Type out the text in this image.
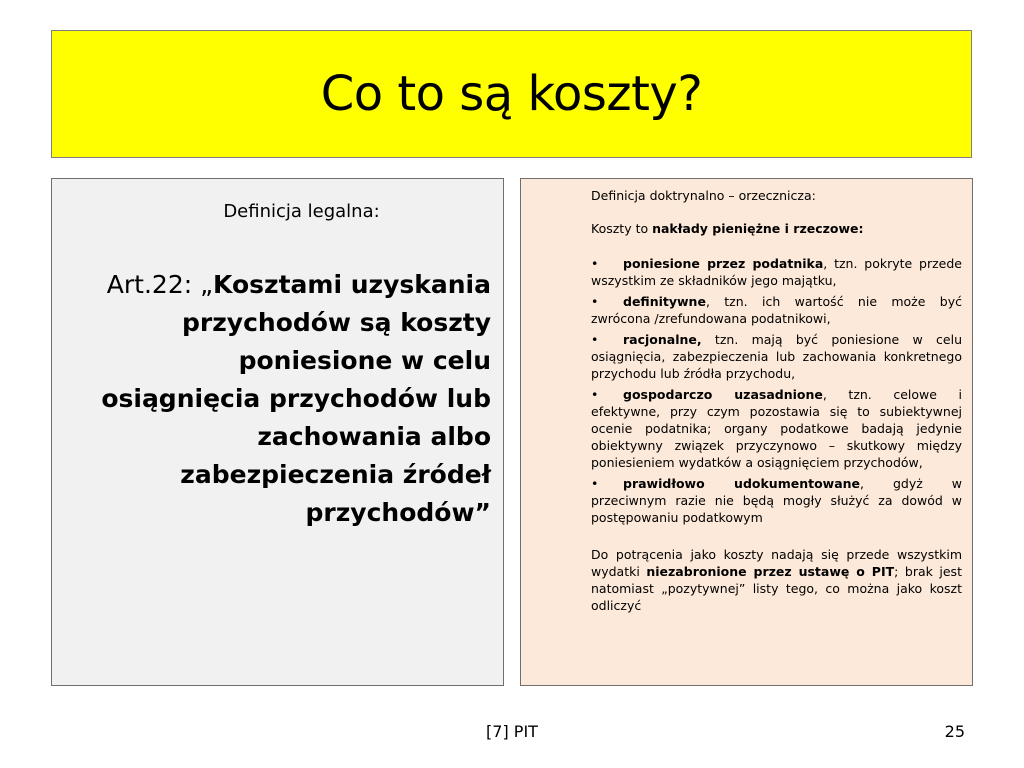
Co to są koszty?

Definicja legalna:

Art.22: „Kosztami uzyskania przychodów są koszty poniesione w celu osiągnięcia przychodów lub zachowania albo zabezpieczenia źródeł przychodów”

Definicja doktrynalno – orzecznicza:

Koszty to nakłady pieniężne i rzeczowe:

• poniesione przez podatnika, tzn. pokryte przede wszystkim ze składników jego majątku,

• definitywne, tzn. ich wartość nie może być zwrócona /zrefundowana podatnikowi,

• racjonalne, tzn. mają być poniesione w celu osiągnięcia, zabezpieczenia lub zachowania konkretnego przychodu lub źródła przychodu,

• gospodarczo uzasadnione, tzn. celowe i efektywne, przy czym pozostawia się to subiektywnej ocenie podatnika; organy podatkowe badają jedynie obiektywny związek przyczynowo – skutkowy między poniesieniem wydatków a osiągnięciem przychodów,

• prawidłowo udokumentowane, gdyż w przeciwnym razie nie będą mogły służyć za dowód w postępowaniu podatkowym

Do potrącenia jako koszty nadają się przede wszystkim wydatki niezabronione przez ustawę o PIT; brak jest natomiast „pozytywnej” listy tego, co można jako koszt odliczyć

[7] PIT	25
